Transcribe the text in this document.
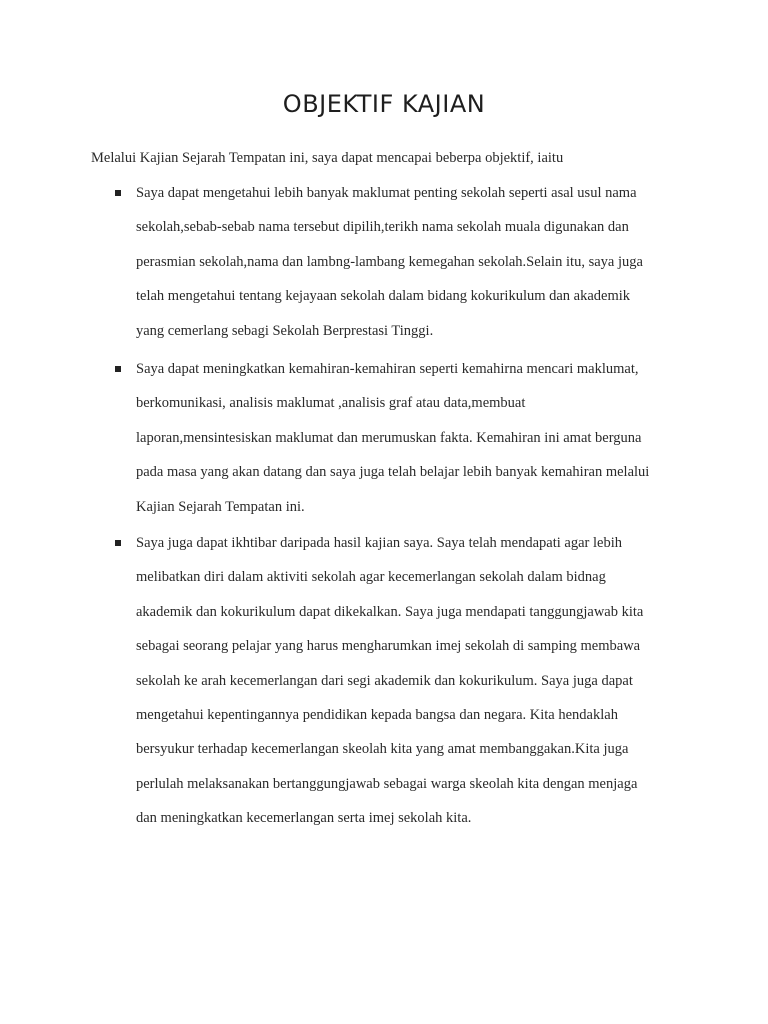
OBJEKTIF KAJIAN

Melalui Kajian Sejarah Tempatan ini, saya dapat mencapai beberpa objektif, iaitu

Saya dapat mengetahui lebih banyak maklumat penting sekolah seperti asal usul nama
sekolah,sebab-sebab nama tersebut dipilih,terikh nama sekolah muala digunakan dan
perasmian sekolah,nama dan lambng-lambang kemegahan sekolah.Selain itu, saya juga
telah mengetahui tentang kejayaan sekolah dalam bidang kokurikulum dan akademik
yang cemerlang sebagi Sekolah Berprestasi Tinggi.

Saya dapat meningkatkan kemahiran-kemahiran seperti kemahirna mencari maklumat,
berkomunikasi, analisis maklumat ,analisis graf atau data,membuat
laporan,mensintesiskan maklumat dan merumuskan fakta. Kemahiran ini amat berguna
pada masa yang akan datang dan saya juga telah belajar lebih banyak kemahiran melalui
Kajian Sejarah Tempatan ini.

Saya juga dapat ikhtibar daripada hasil kajian saya. Saya telah mendapati agar lebih
melibatkan diri dalam aktiviti sekolah agar kecemerlangan sekolah dalam bidnag
akademik dan kokurikulum dapat dikekalkan. Saya juga mendapati tanggungjawab kita
sebagai seorang pelajar yang harus mengharumkan imej sekolah di samping membawa
sekolah ke arah kecemerlangan dari segi akademik dan kokurikulum. Saya juga dapat
mengetahui kepentingannya pendidikan kepada bangsa dan negara. Kita hendaklah
bersyukur terhadap kecemerlangan skeolah kita yang amat membanggakan.Kita juga
perlulah melaksanakan bertanggungjawab sebagai warga skeolah kita dengan menjaga
dan meningkatkan kecemerlangan serta imej sekolah kita.
